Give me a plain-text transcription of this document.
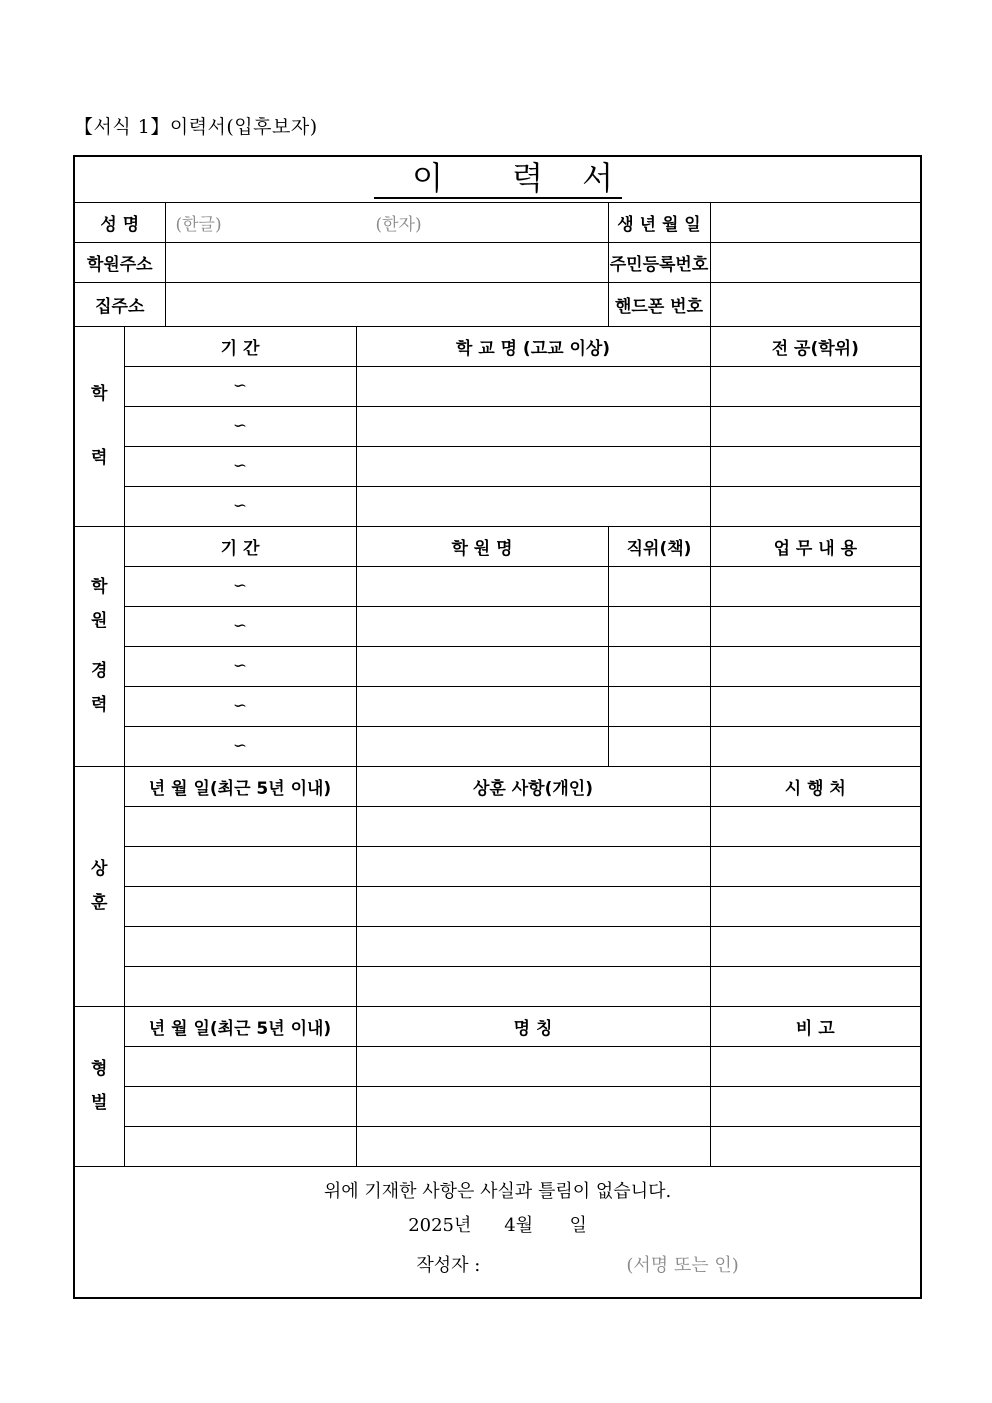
【서식 1】이력서(입후보자)
이 력 서					
성 명		(한글) (한자)		생 년 월 일	
학원주소				주민등록번호	
집주소				핸드폰 번호	

학
력	기 간		학 교 명 (고교 이상)		전 공(학위)
	∽				
	∽				
	∽				
	∽				

학
원
경
력	기 간		학 원 명	직위(책)	업 무 내 용
	∽				
	∽				
	∽				
	∽				
	∽				

상
훈	년 월 일(최근 5년 이내)		상훈 사항(개인)		시 행 처

형
벌	년 월 일(최근 5년 이내)		명 칭		비 고

위에 기재한 사항은 사실과 틀림이 없습니다.
2025년 4월 일
작성자 : (서명 또는 인)					
